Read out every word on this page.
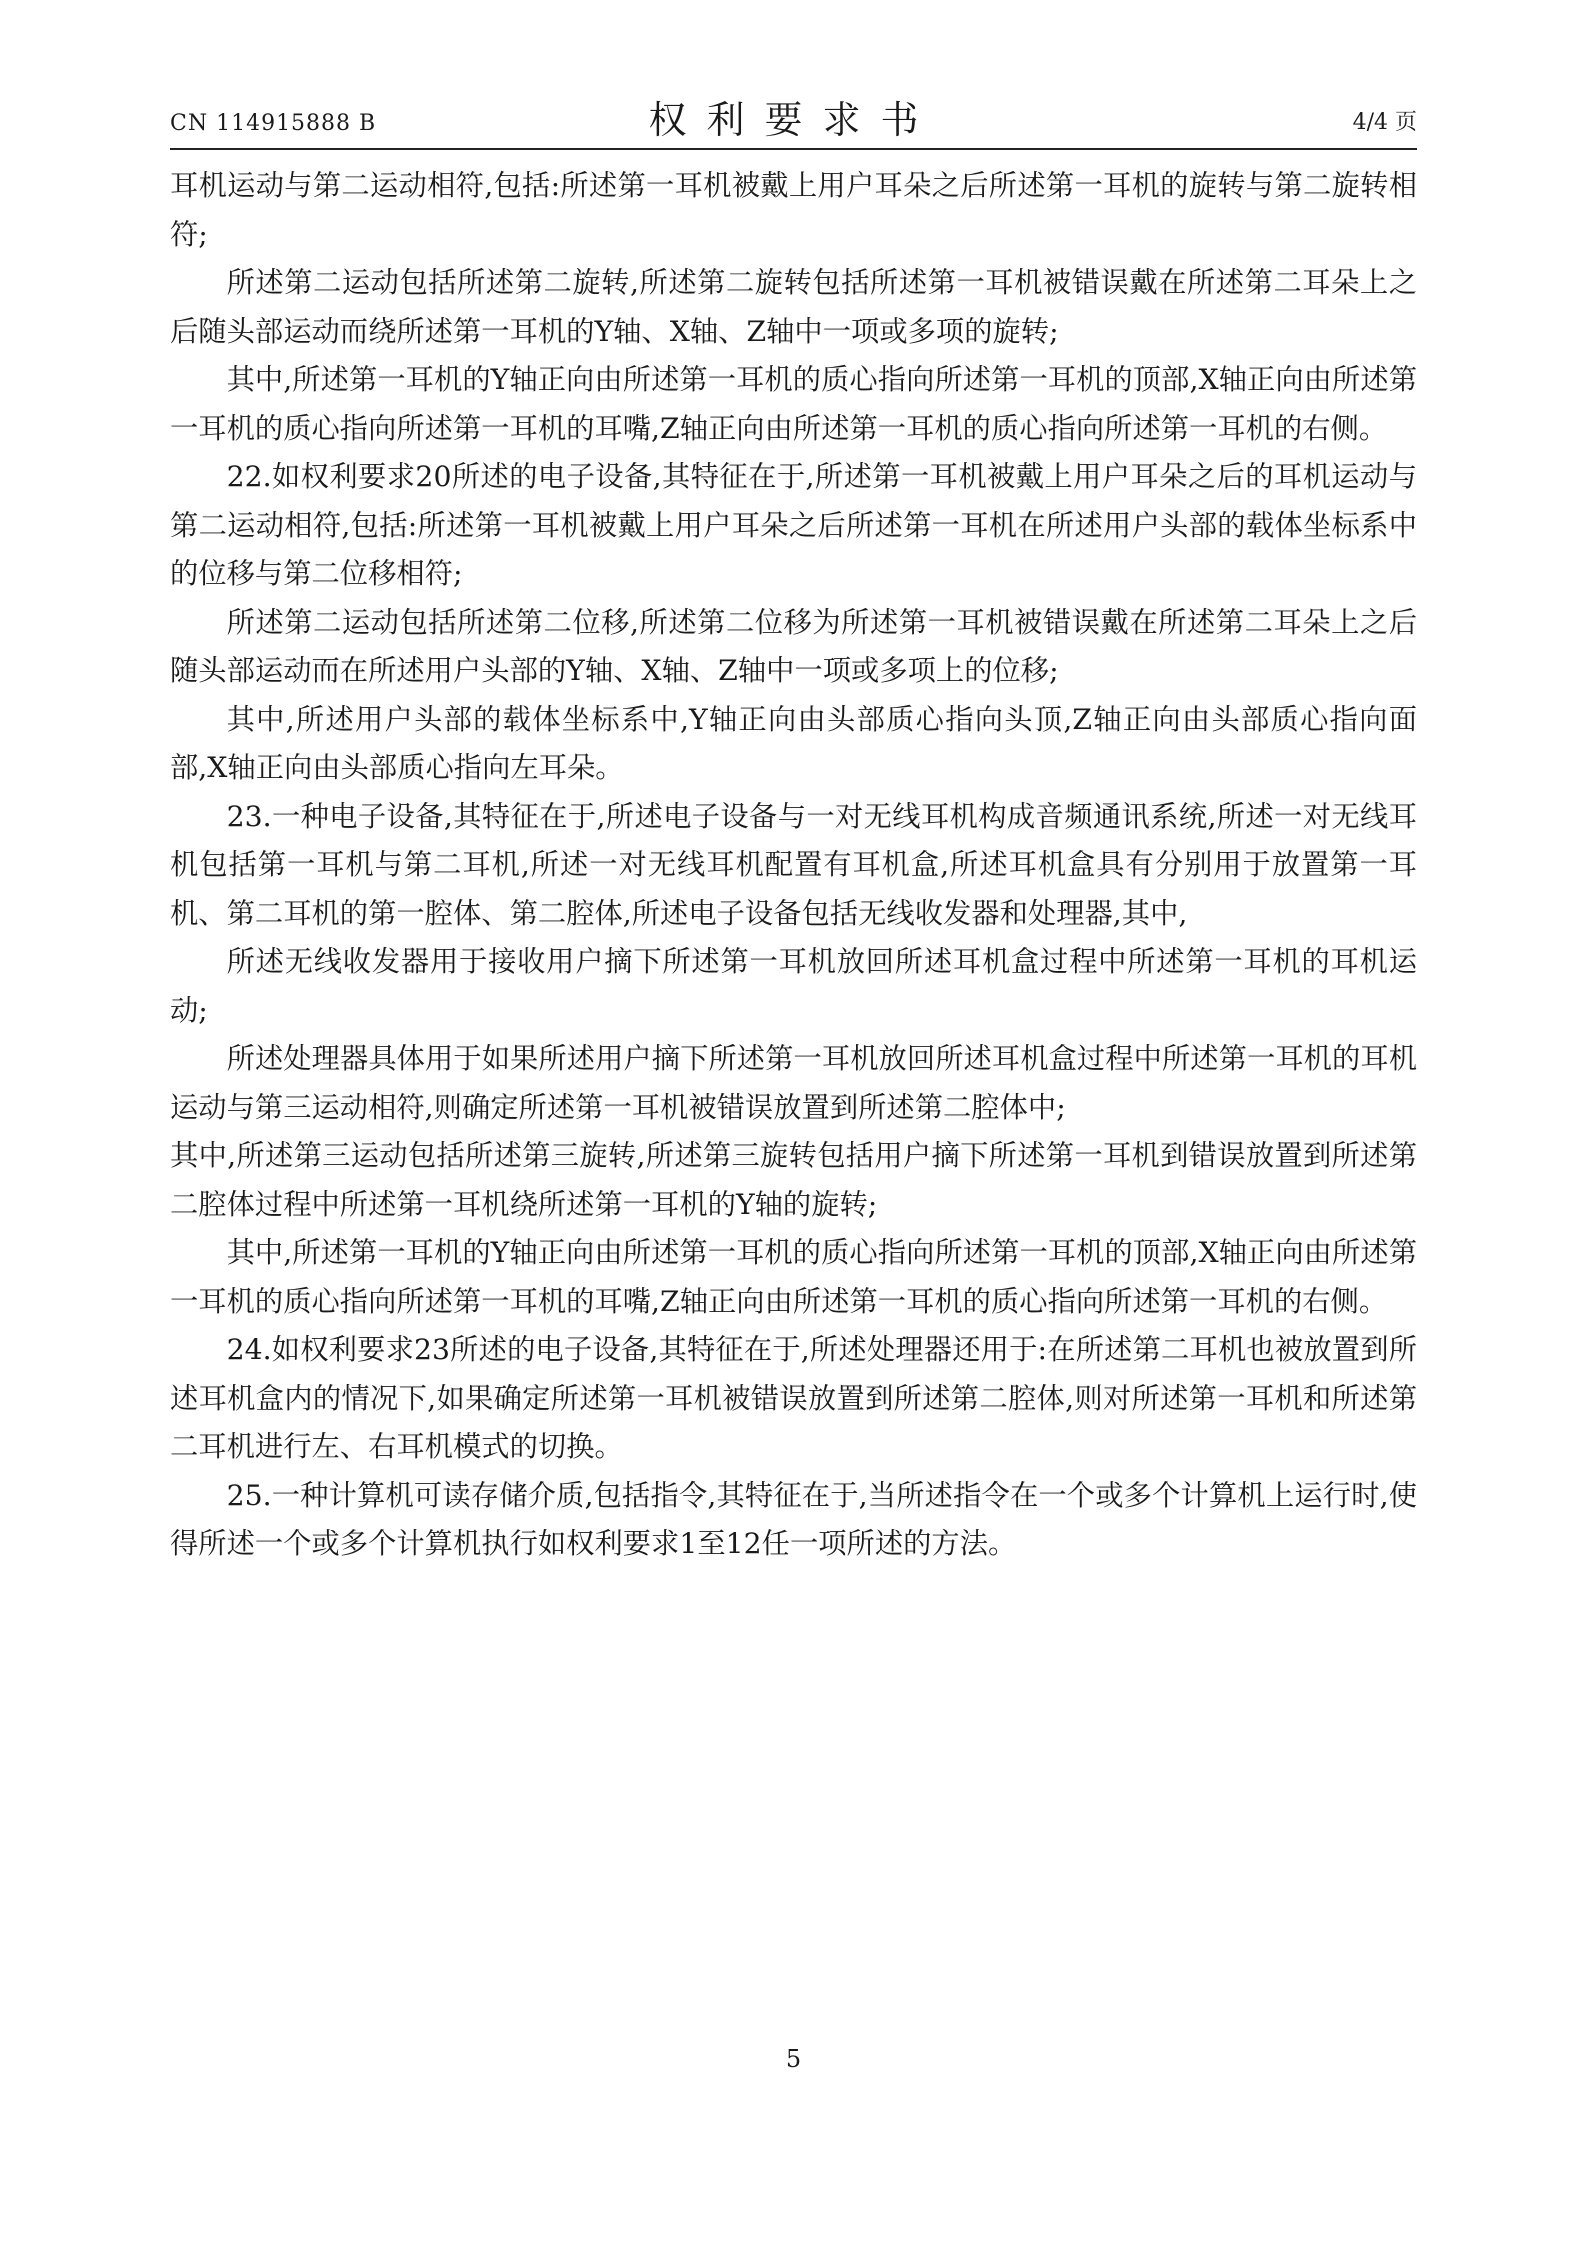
CN 114915888 B	权利要求书	4/4 页

耳机运动与第二运动相符,包括:所述第一耳机被戴上用户耳朵之后所述第一耳机的旋转与第二旋转相符;

所述第二运动包括所述第二旋转,所述第二旋转包括所述第一耳机被错误戴在所述第二耳朵上之后随头部运动而绕所述第一耳机的Y轴、X轴、Z轴中一项或多项的旋转;

其中,所述第一耳机的Y轴正向由所述第一耳机的质心指向所述第一耳机的顶部,X轴正向由所述第一耳机的质心指向所述第一耳机的耳嘴,Z轴正向由所述第一耳机的质心指向所述第一耳机的右侧。

22.如权利要求20所述的电子设备,其特征在于,所述第一耳机被戴上用户耳朵之后的耳机运动与第二运动相符,包括:所述第一耳机被戴上用户耳朵之后所述第一耳机在所述用户头部的载体坐标系中的位移与第二位移相符;

所述第二运动包括所述第二位移,所述第二位移为所述第一耳机被错误戴在所述第二耳朵上之后随头部运动而在所述用户头部的Y轴、X轴、Z轴中一项或多项上的位移;

其中,所述用户头部的载体坐标系中,Y轴正向由头部质心指向头顶,Z轴正向由头部质心指向面部,X轴正向由头部质心指向左耳朵。

23.一种电子设备,其特征在于,所述电子设备与一对无线耳机构成音频通讯系统,所述一对无线耳机包括第一耳机与第二耳机,所述一对无线耳机配置有耳机盒,所述耳机盒具有分别用于放置第一耳机、第二耳机的第一腔体、第二腔体,所述电子设备包括无线收发器和处理器,其中,

所述无线收发器用于接收用户摘下所述第一耳机放回所述耳机盒过程中所述第一耳机的耳机运动;

所述处理器具体用于如果所述用户摘下所述第一耳机放回所述耳机盒过程中所述第一耳机的耳机运动与第三运动相符,则确定所述第一耳机被错误放置到所述第二腔体中;

其中,所述第三运动包括所述第三旋转,所述第三旋转包括用户摘下所述第一耳机到错误放置到所述第二腔体过程中所述第一耳机绕所述第一耳机的Y轴的旋转;

其中,所述第一耳机的Y轴正向由所述第一耳机的质心指向所述第一耳机的顶部,X轴正向由所述第一耳机的质心指向所述第一耳机的耳嘴,Z轴正向由所述第一耳机的质心指向所述第一耳机的右侧。

24.如权利要求23所述的电子设备,其特征在于,所述处理器还用于:在所述第二耳机也被放置到所述耳机盒内的情况下,如果确定所述第一耳机被错误放置到所述第二腔体,则对所述第一耳机和所述第二耳机进行左、右耳机模式的切换。

25.一种计算机可读存储介质,包括指令,其特征在于,当所述指令在一个或多个计算机上运行时,使得所述一个或多个计算机执行如权利要求1至12任一项所述的方法。

5
